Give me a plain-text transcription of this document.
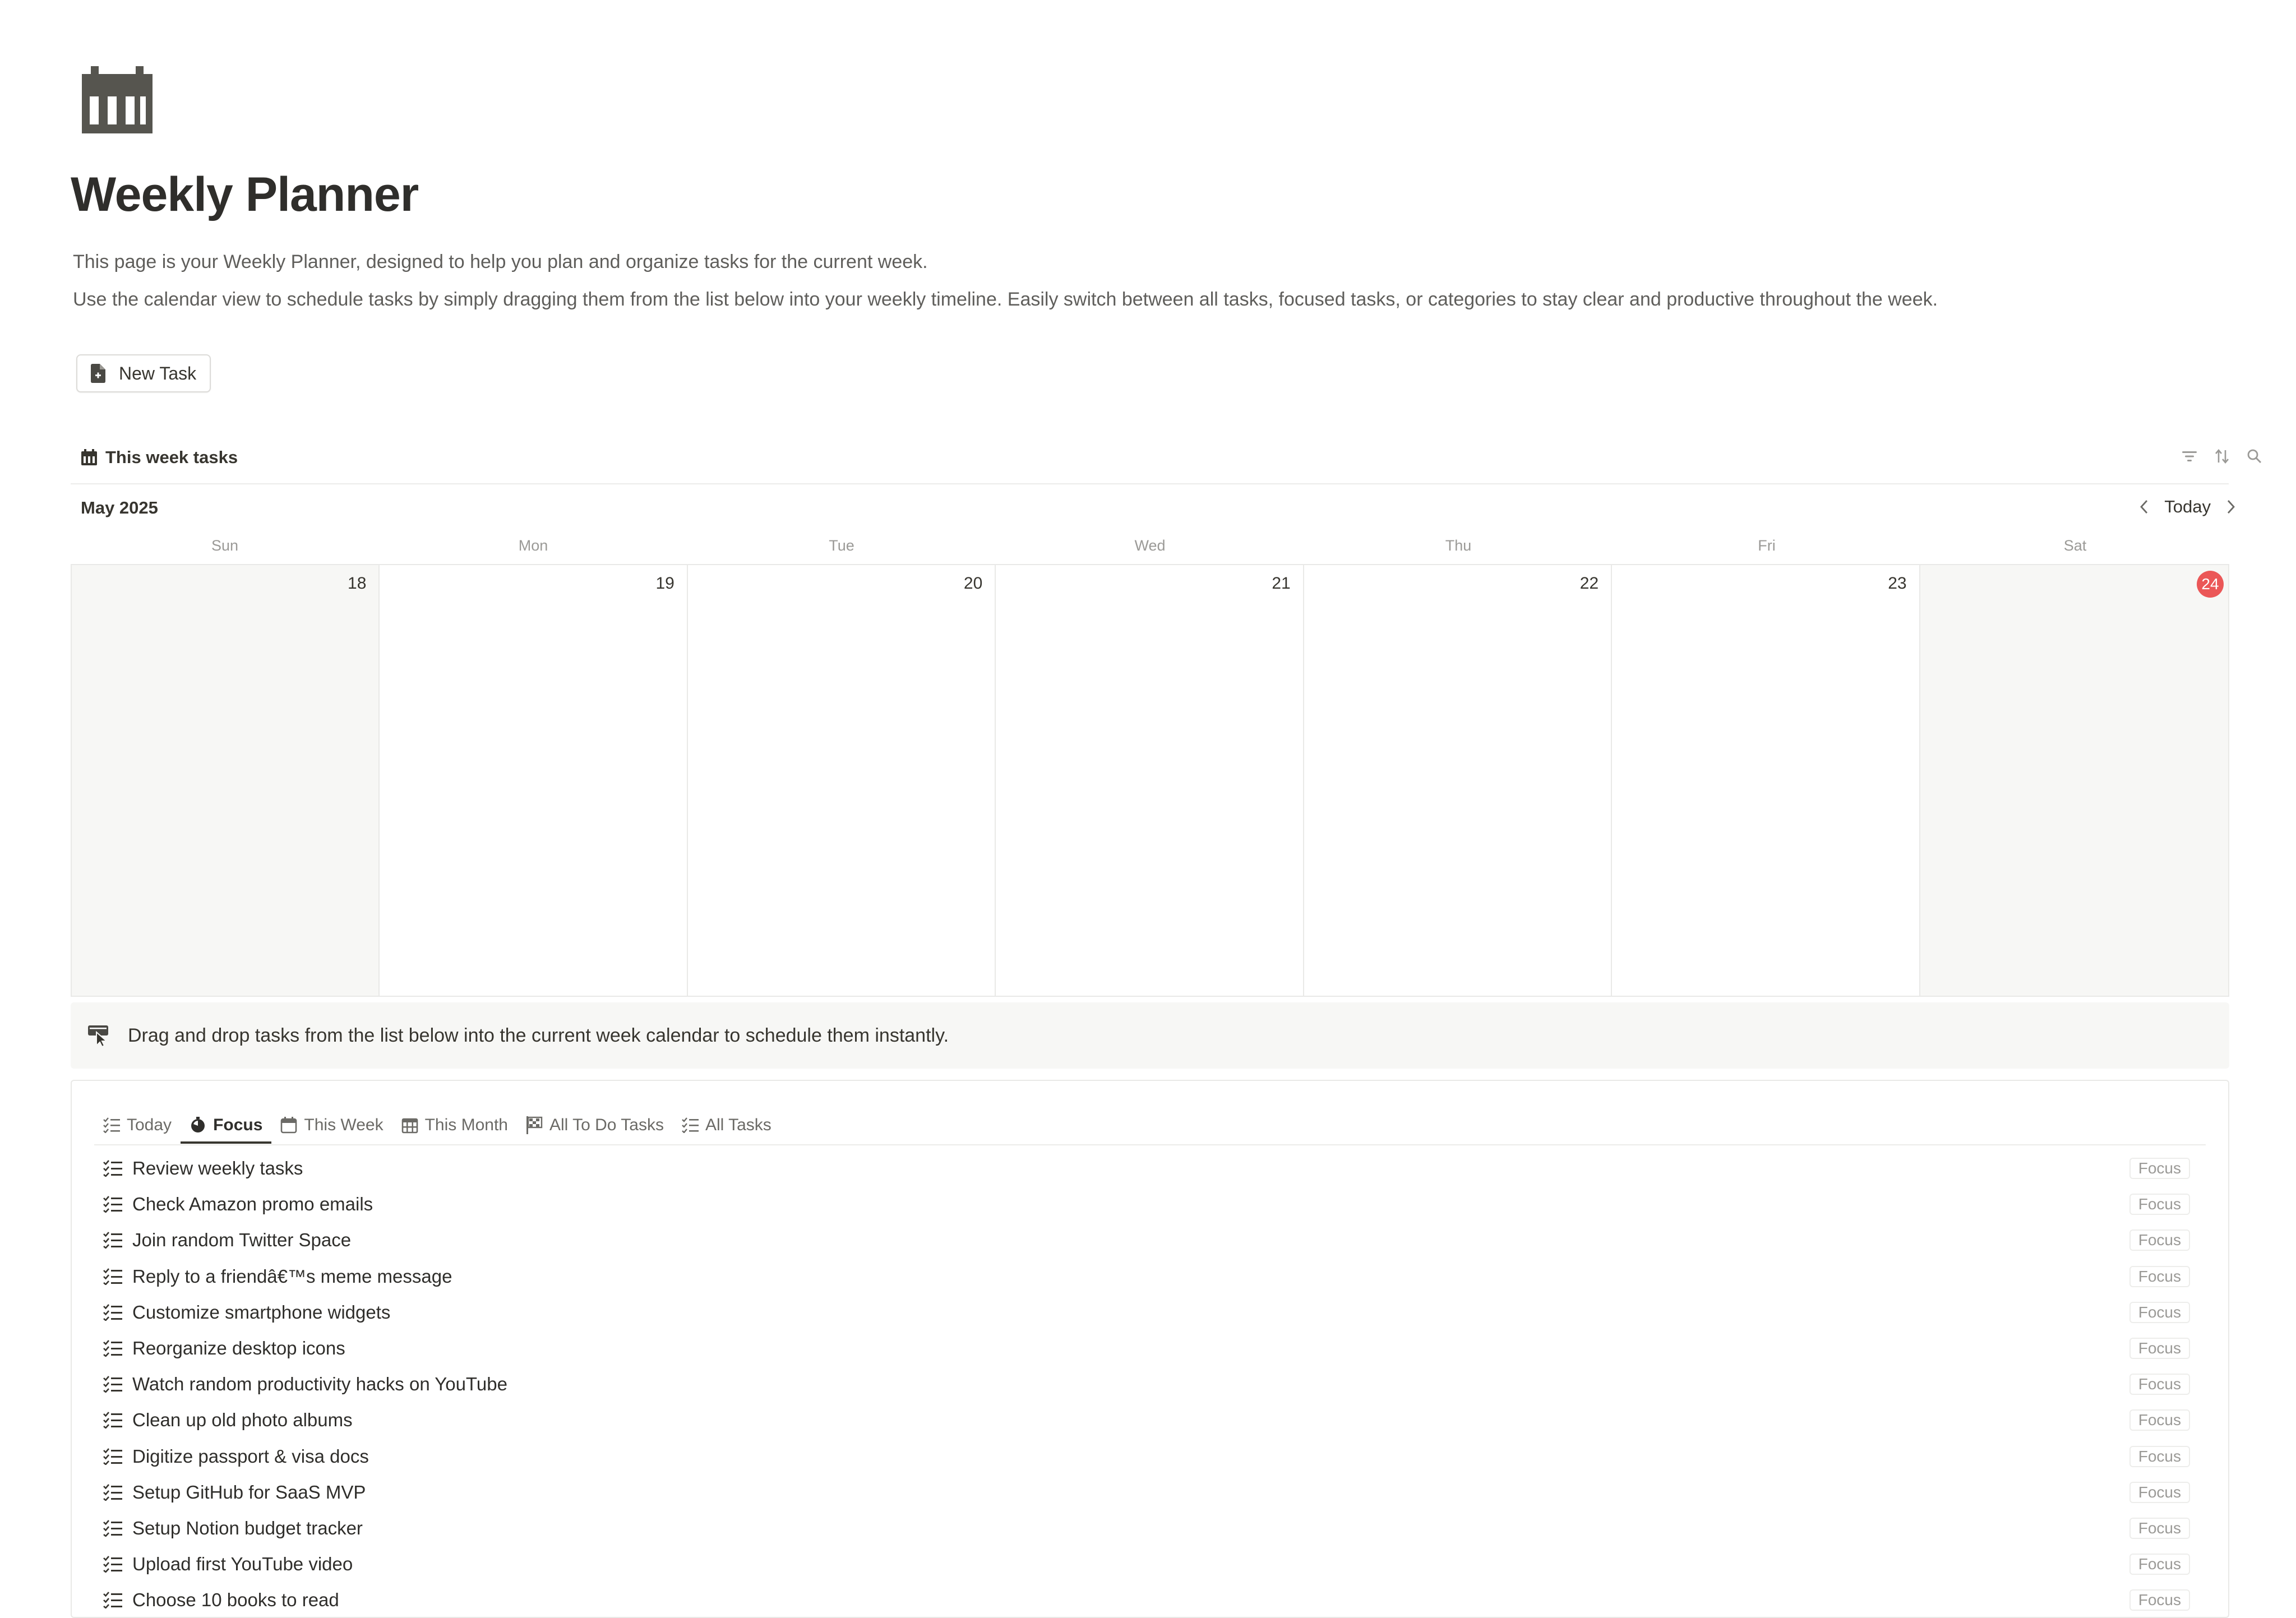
Weekly Planner
This page is your Weekly Planner, designed to help you plan and organize tasks for the current week.
Use the calendar view to schedule tasks by simply dragging them from the list below into your weekly timeline. Easily switch between all tasks, focused tasks, or categories to stay clear and productive throughout the week.
New Task
This week tasks
May 2025	Today
Sun	Mon	Tue	Wed	Thu	Fri	Sat
18	19	20	21	22	23	24
Drag and drop tasks from the list below into the current week calendar to schedule them instantly.
Today Focus This Week This Month All To Do Tasks All Tasks
Review weekly tasks	Focus
Check Amazon promo emails	Focus
Join random Twitter Space	Focus
Reply to a friendâ€™s meme message	Focus
Customize smartphone widgets	Focus
Reorganize desktop icons	Focus
Watch random productivity hacks on YouTube	Focus
Clean up old photo albums	Focus
Digitize passport & visa docs	Focus
Setup GitHub for SaaS MVP	Focus
Setup Notion budget tracker	Focus
Upload first YouTube video	Focus
Choose 10 books to read	Focus
